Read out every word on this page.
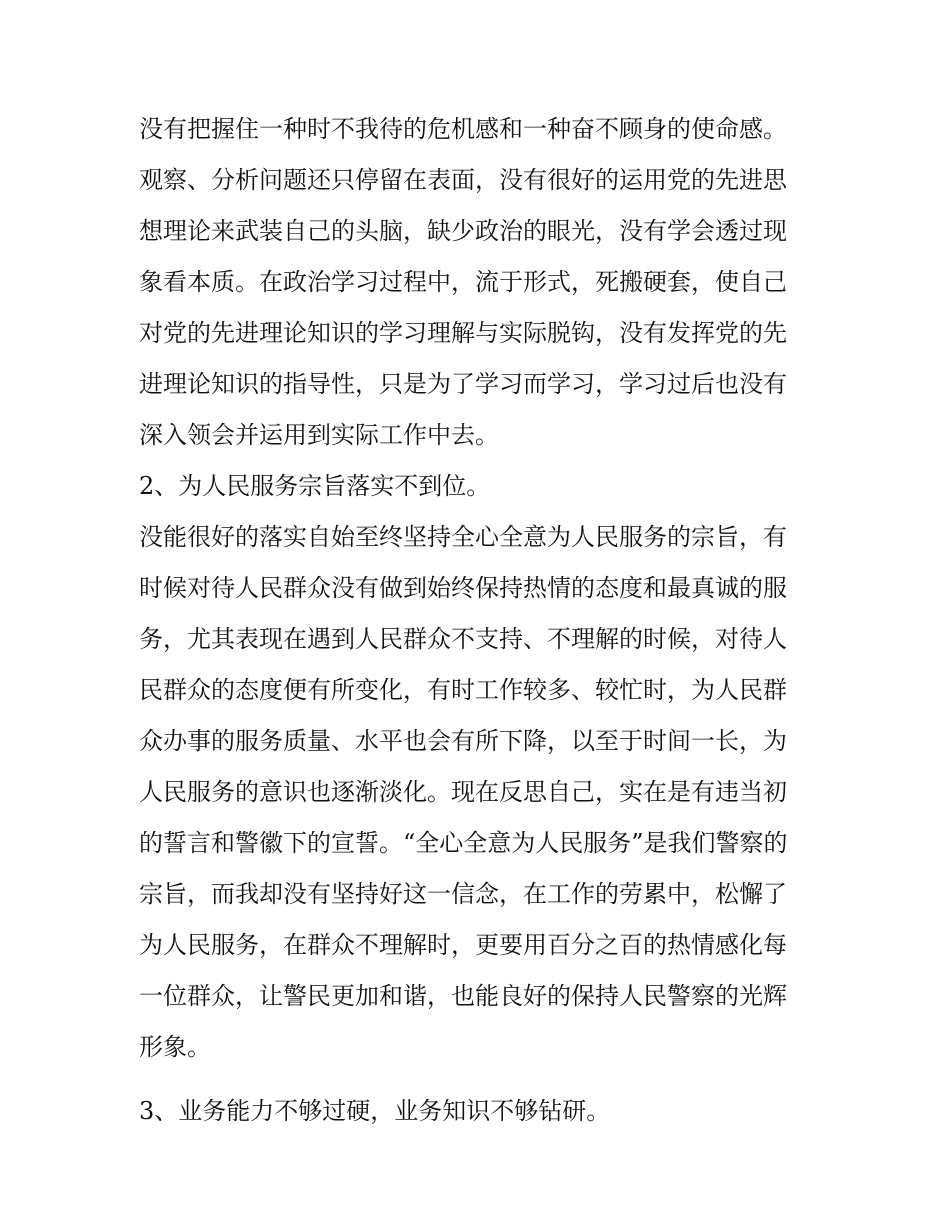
没有把握住一种时不我待的危机感和一种奋不顾身的使命感。
观察、分析问题还只停留在表面，没有很好的运用党的先进思
想理论来武装自己的头脑，缺少政治的眼光，没有学会透过现
象看本质。在政治学习过程中，流于形式，死搬硬套，使自己
对党的先进理论知识的学习理解与实际脱钩，没有发挥党的先
进理论知识的指导性，只是为了学习而学习，学习过后也没有
深入领会并运用到实际工作中去。
2、为人民服务宗旨落实不到位。
没能很好的落实自始至终坚持全心全意为人民服务的宗旨，有
时候对待人民群众没有做到始终保持热情的态度和最真诚的服
务，尤其表现在遇到人民群众不支持、不理解的时候，对待人
民群众的态度便有所变化，有时工作较多、较忙时，为人民群
众办事的服务质量、水平也会有所下降，以至于时间一长，为
人民服务的意识也逐渐淡化。现在反思自己，实在是有违当初
的誓言和警徽下的宣誓。“全心全意为人民服务”是我们警察的
宗旨，而我却没有坚持好这一信念，在工作的劳累中，松懈了
为人民服务，在群众不理解时，更要用百分之百的热情感化每
一位群众，让警民更加和谐，也能良好的保持人民警察的光辉
形象。
3、业务能力不够过硬，业务知识不够钻研。
